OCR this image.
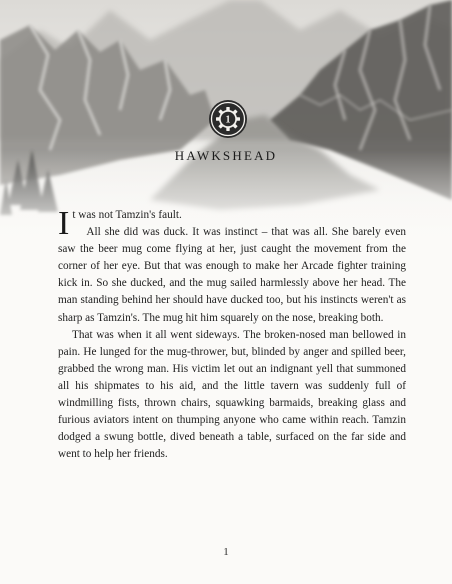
1
HAWKSHEAD

It was not Tamzin's fault.

All she did was duck. It was instinct – that was all. She barely even saw the beer mug come flying at her, just caught the movement from the corner of her eye. But that was enough to make her Arcade fighter training kick in. So she ducked, and the mug sailed harmlessly above her head. The man standing behind her should have ducked too, but his instincts weren't as sharp as Tamzin's. The mug hit him squarely on the nose, breaking both.

That was when it all went sideways. The broken-nosed man bellowed in pain. He lunged for the mug-thrower, but, blinded by anger and spilled beer, grabbed the wrong man. His victim let out an indignant yell that summoned all his shipmates to his aid, and the little tavern was suddenly full of windmilling fists, thrown chairs, squawking barmaids, breaking glass and furious aviators intent on thumping anyone who came within reach. Tamzin dodged a swung bottle, dived beneath a table, surfaced on the far side and went to help her friends.

1
